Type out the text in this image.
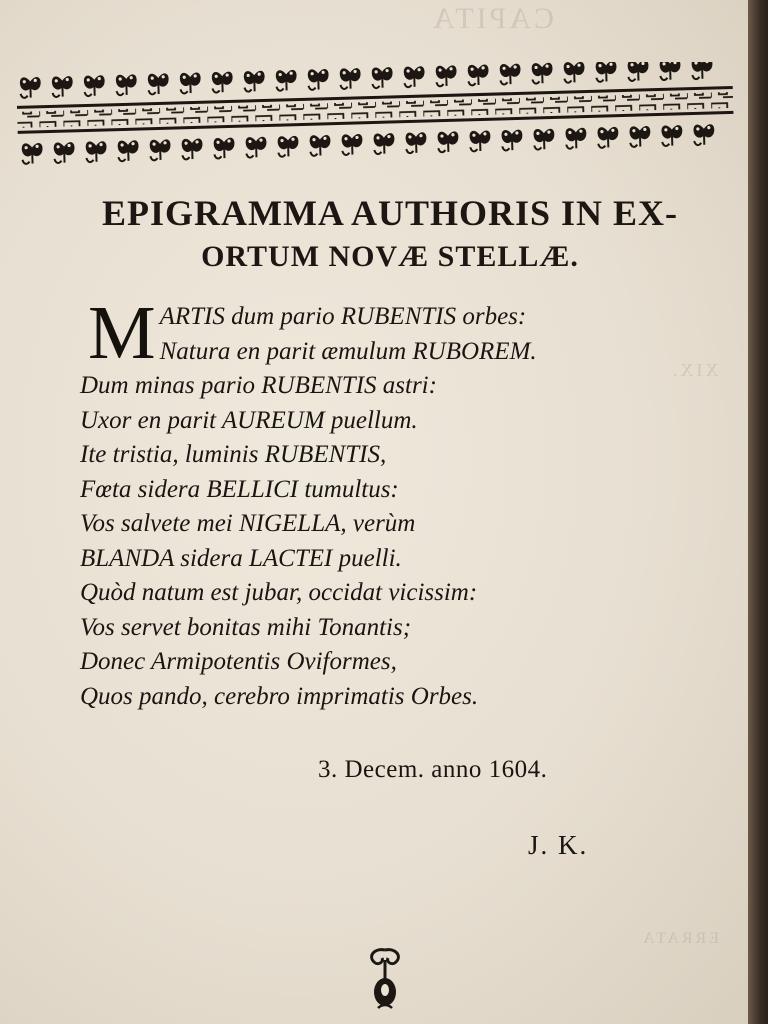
CAPITA
XIX.
ERRATA
EPIGRAMMA AUTHORIS IN EX-
ORTUM NOVÆ STELLÆ.
M ARTIS dum pario RUBENTIS orbes:
Natura en parit æmulum RUBOREM.
Dum minas pario RUBENTIS astri:
Uxor en parit AUREUM puellum.
Ite tristia, luminis RUBENTIS,
Fœta sidera BELLICI tumultus:
Vos salvete mei NIGELLA, verùm
BLANDA sidera LACTEI puelli.
Quòd natum est jubar, occidat vicissim:
Vos servet bonitas mihi Tonantis;
Donec Armipotentis Oviformes,
Quos pando, cerebro imprimatis Orbes.
3. Decem. anno 1604.
J. K.
